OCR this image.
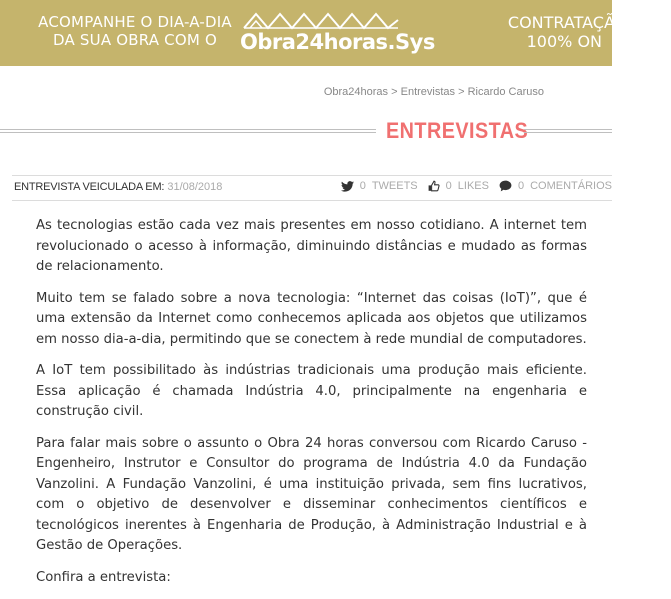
ACOMPANHE O DIA-A-DIA
DA SUA OBRA COM O	Obra24horas.Sys
CONTRATAÇÃO MOD
100% ON
Obra24horas > Entrevistas > Ricardo Caruso
ENTREVISTAS
ENTREVISTA VEICULADA EM: 31/08/2018	0 TWEETS	0 LIKES	0 COMENTÁRIOS

As tecnologias estão cada vez mais presentes em nosso cotidiano. A internet tem revolucionado o acesso à informação, diminuindo distâncias e mudado as formas de relacionamento.

Muito tem se falado sobre a nova tecnologia: “Internet das coisas (IoT)”, que é uma extensão da Internet como conhecemos aplicada aos objetos que utilizamos em nosso dia-a-dia, permitindo que se conectem à rede mundial de computadores.

A IoT tem possibilitado às indústrias tradicionais uma produção mais eficiente. Essa aplicação é chamada Indústria 4.0, principalmente na engenharia e construção civil.

Para falar mais sobre o assunto o Obra 24 horas conversou com Ricardo Caruso - Engenheiro, Instrutor e Consultor do programa de Indústria 4.0 da Fundação Vanzolini. A Fundação Vanzolini, é uma instituição privada, sem fins lucrativos, com o objetivo de desenvolver e disseminar conhecimentos científicos e tecnológicos inerentes à Engenharia de Produção, à Administração Industrial e à Gestão de Operações.

Confira a entrevista:
